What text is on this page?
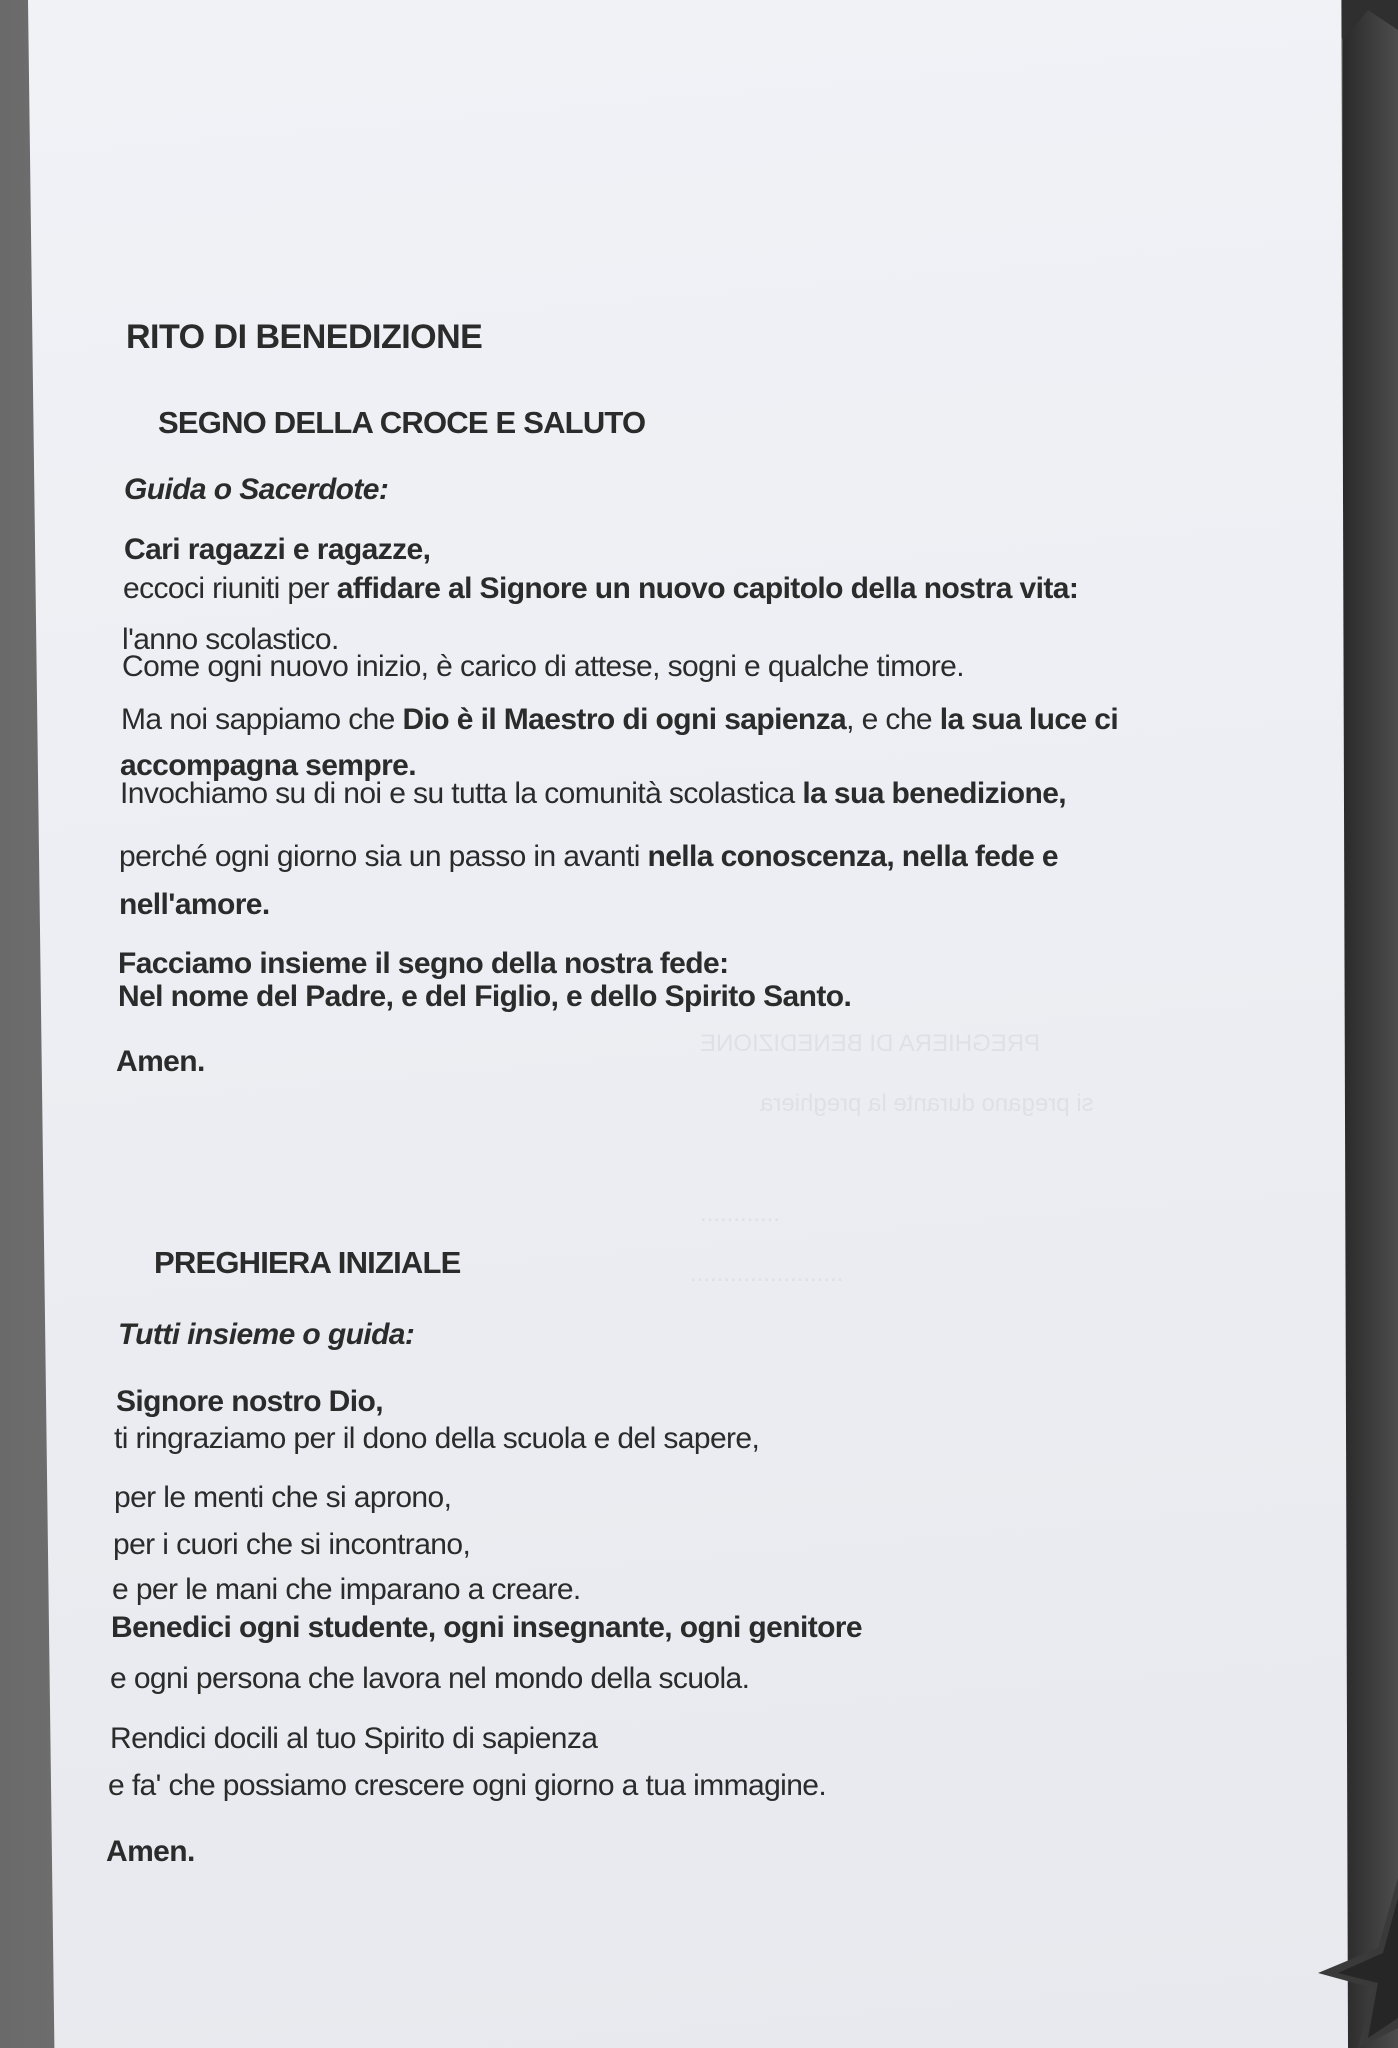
PREGHIERA DI BENEDIZIONE
si pregano durante la preghiera
............
.......................
RITO DI BENEDIZIONE
SEGNO DELLA CROCE E SALUTO
Guida o Sacerdote:
Cari ragazzi e ragazze,
eccoci riuniti per affidare al Signore un nuovo capitolo della nostra vita:
l'anno scolastico.
Come ogni nuovo inizio, è carico di attese, sogni e qualche timore.
Ma noi sappiamo che Dio è il Maestro di ogni sapienza, e che la sua luce ci
accompagna sempre.
Invochiamo su di noi e su tutta la comunità scolastica la sua benedizione,
perché ogni giorno sia un passo in avanti nella conoscenza, nella fede e
nell'amore.
Facciamo insieme il segno della nostra fede:
Nel nome del Padre, e del Figlio, e dello Spirito Santo.
Amen.
PREGHIERA INIZIALE
Tutti insieme o guida:
Signore nostro Dio,
ti ringraziamo per il dono della scuola e del sapere,
per le menti che si aprono,
per i cuori che si incontrano,
e per le mani che imparano a creare.
Benedici ogni studente, ogni insegnante, ogni genitore
e ogni persona che lavora nel mondo della scuola.
Rendici docili al tuo Spirito di sapienza
e fa' che possiamo crescere ogni giorno a tua immagine.
Amen.
